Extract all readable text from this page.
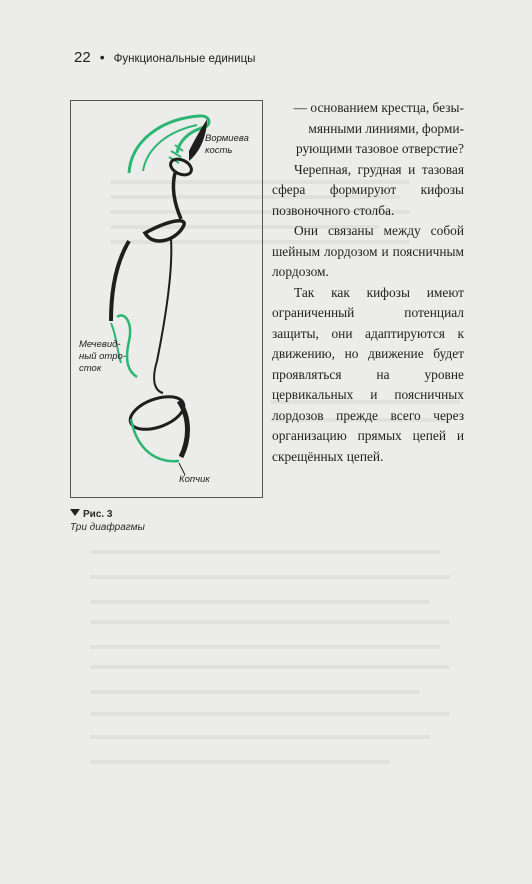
22 • Функциональные единицы
Вормиева кость
Мечевид-ный отро-сток
Копчик
Рис. 3
Три диафрагмы

— основанием крестца, безы-

мянными линиями, форми-

рующими тазовое отверстие?

Черепная, грудная и тазовая сфера формируют кифозы позвоночного столба.

Они связаны между собой шейным лордозом и поясничным лордозом.

Так как кифозы имеют ограниченный потенциал защиты, они адаптируются к движению, но движение будет проявляться на уровне цервикальных и поясничных лордозов прежде всего через организацию прямых цепей и скрещённых цепей.
